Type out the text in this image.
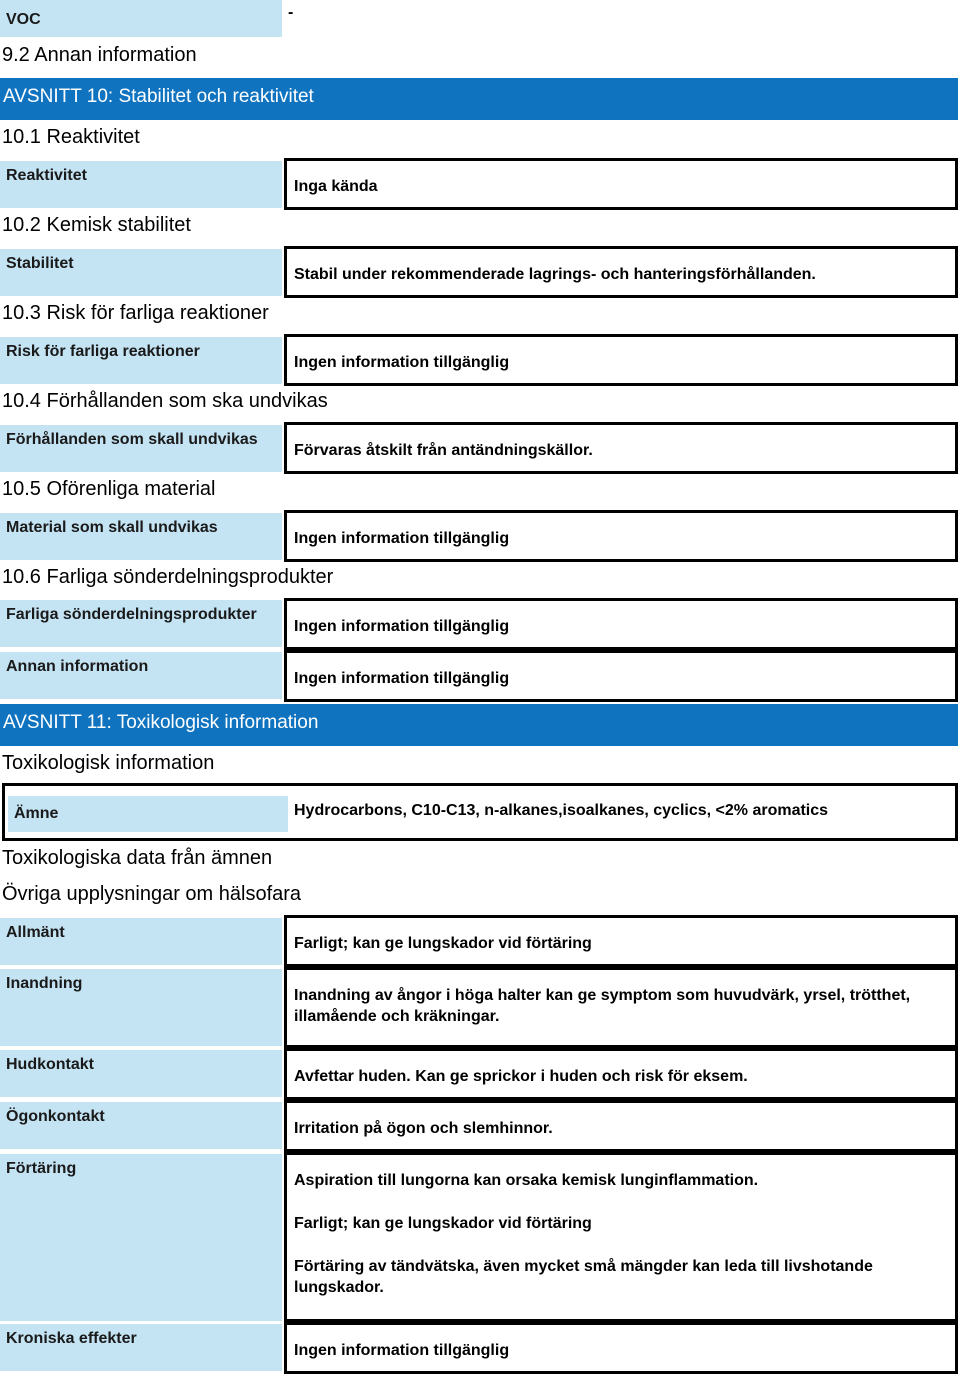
VOC	-
9.2 Annan information
AVSNITT 10: Stabilitet och reaktivitet
10.1 Reaktivitet
Reaktivitet
Inga kända
10.2 Kemisk stabilitet
Stabilitet
Stabil under rekommenderade lagrings- och hanteringsförhållanden.
10.3 Risk för farliga reaktioner
Risk för farliga reaktioner
Ingen information tillgänglig
10.4 Förhållanden som ska undvikas
Förhållanden som skall undvikas
Förvaras åtskilt från antändningskällor.
10.5 Oförenliga material
Material som skall undvikas
Ingen information tillgänglig
10.6 Farliga sönderdelningsprodukter
Farliga sönderdelningsprodukter
Ingen information tillgänglig
Annan information
Ingen information tillgänglig
AVSNITT 11: Toxikologisk information
Toxikologisk information
Ämne	Hydrocarbons, C10-C13, n-alkanes,isoalkanes, cyclics, <2% aromatics
Toxikologiska data från ämnen
Övriga upplysningar om hälsofara
Allmänt
Farligt; kan ge lungskador vid förtäring
Inandning
Inandning av ångor i höga halter kan ge symptom som huvudvärk, yrsel, trötthet, illamående och kräkningar.
Hudkontakt
Avfettar huden. Kan ge sprickor i huden och risk för eksem.
Ögonkontakt
Irritation på ögon och slemhinnor.
Förtäring
Aspiration till lungorna kan orsaka kemisk lunginflammation.
Farligt; kan ge lungskador vid förtäring
Förtäring av tändvätska, även mycket små mängder kan leda till livshotande lungskador.
Kroniska effekter
Ingen information tillgänglig
